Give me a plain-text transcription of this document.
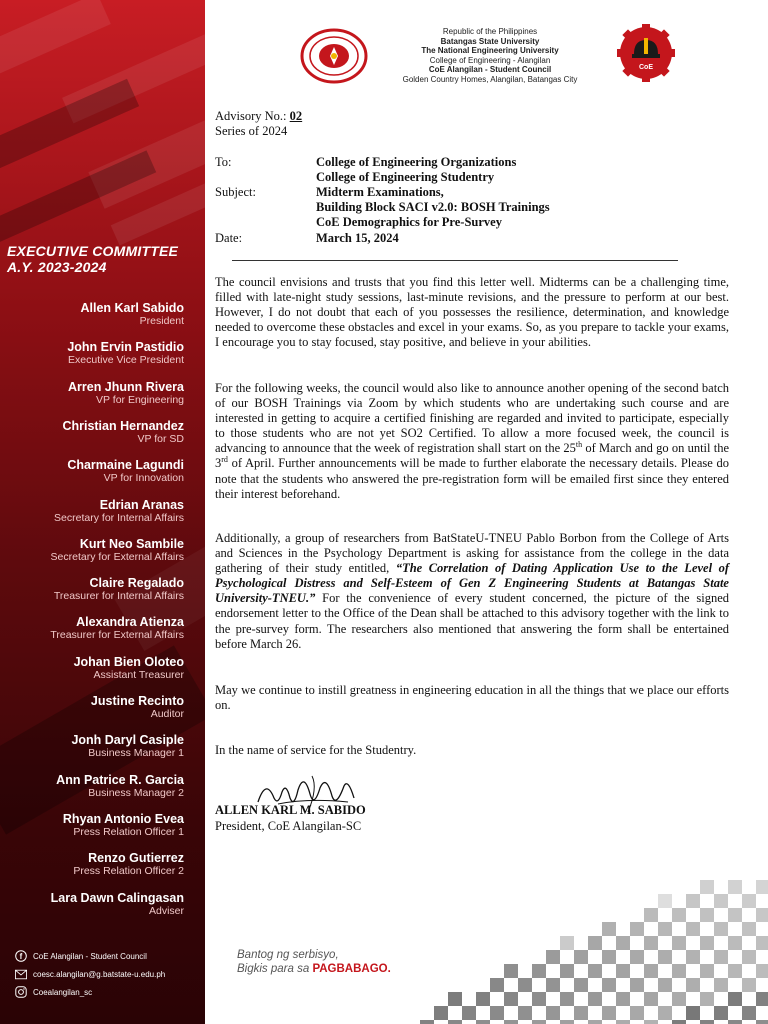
EXECUTIVE COMMITTEE
A.Y. 2023-2024
Allen Karl Sabido
President
John Ervin Pastidio
Executive Vice President
Arren Jhunn Rivera
VP for Engineering
Christian Hernandez
VP for SD
Charmaine Lagundi
VP for Innovation
Edrian Aranas
Secretary for Internal Affairs
Kurt Neo Sambile
Secretary for External Affairs
Claire Regalado
Treasurer for Internal Affairs
Alexandra Atienza
Treasurer for External Affairs
Johan Bien Oloteo
Assistant Treasurer
Justine Recinto
Auditor
Jonh Daryl Casiple
Business Manager 1
Ann Patrice R. Garcia
Business Manager 2
Rhyan Antonio Evea
Press Relation Officer 1
Renzo Gutierrez
Press Relation Officer 2
Lara Dawn Calingasan
Adviser
f CoE Alangilan - Student Council
coesc.alangilan@g.batstate-u.edu.ph
Coealangilan_sc
CoE
Republic of the Philippines
Batangas State University
The National Engineering University
College of Engineering - Alangilan
CoE Alangilan - Student Council
Golden Country Homes, Alangilan, Batangas City
Advisory No.: 02
Series of 2024
To:	College of Engineering Organizations
College of Engineering Studentry
Subject:	Midterm Examinations,
Building Block SACI v2.0: BOSH Trainings
CoE Demographics for Pre-Survey
Date:	March 15, 2024
The council envisions and trusts that you find this letter well. Midterms can be a challenging time, filled with late-night study sessions, last-minute revisions, and the pressure to perform at our best. However, I do not doubt that each of you possesses the resilience, determination, and knowledge needed to overcome these obstacles and excel in your exams. So, as you prepare to tackle your exams, I encourage you to stay focused, stay positive, and believe in your abilities.
For the following weeks, the council would also like to announce another opening of the second batch of our BOSH Trainings via Zoom by which students who are undertaking such course and are interested in getting to acquire a certified finishing are regarded and invited to participate, especially to those students who are not yet SO2 Certified. To allow a more focused week, the council is advancing to announce that the week of registration shall start on the 25th of March and go on until the 3rd of April. Further announcements will be made to further elaborate the necessary details. Please do note that the students who answered the pre-registration form will be emailed first since they entered their interest beforehand.
Additionally, a group of researchers from BatStateU-TNEU Pablo Borbon from the College of Arts and Sciences in the Psychology Department is asking for assistance from the college in the data gathering of their study entitled, “The Correlation of Dating Application Use to the Level of Psychological Distress and Self-Esteem of Gen Z Engineering Students at Batangas State University-TNEU.” For the convenience of every student concerned, the picture of the signed endorsement letter to the Office of the Dean shall be attached to this advisory together with the link to the pre-survey form. The researchers also mentioned that answering the form shall be entertained before March 26.
May we continue to instill greatness in engineering education in all the things that we place our efforts on.
In the name of service for the Studentry.
ALLEN KARL M. SABIDO
President, CoE Alangilan-SC
Bantog ng serbisyo,
Bigkis para sa PAGBABAGO.
